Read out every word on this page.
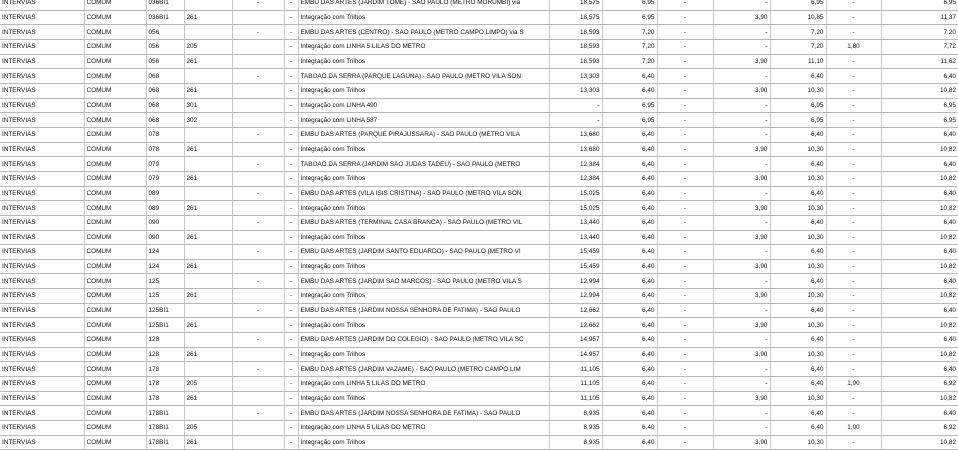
INTERVIAS	COMUM	036BI1		-	-	EMBU DAS ARTES (JARDIM TOME) - SAO PAULO (METRO MORUMBI) via	18,575	6,95	-	-	6,95	-	6,95
INTERVIAS	COMUM	036BI1	261		-	Integração com Trilhos	18,575	6,95	-	3,90	10,85	-	11,37
INTERVIAS	COMUM	056		-	-	EMBU DAS ARTES (CENTRO) - SAO PAULO (METRO CAMPO LIMPO) via S	18,593	7,20	-	-	7,20	-	7,20
INTERVIAS	COMUM	056	205		-	Integração com LINHA 5 LILAS DO METRO	18,593	7,20	-	-	7,20	1,80	7,72
INTERVIAS	COMUM	056	261		-	Integração com Trilhos	18,593	7,20	-	3,90	11,10	-	11,62
INTERVIAS	COMUM	068		-	-	TABOAO DA SERRA (PARQUE LAGUNA) - SAO PAULO (METRO VILA SON	13,303	6,40	-	-	6,40	-	6,40
INTERVIAS	COMUM	068	261		-	Integração com Trilhos	13,303	6,40	-	3,90	10,30	-	10,82
INTERVIAS	COMUM	068	301		-	Integração com LINHA 490	-	6,95	-	-	6,95	-	6,95
INTERVIAS	COMUM	068	302		-	Integração com LINHA 587	-	6,95	-	-	6,95	-	6,95
INTERVIAS	COMUM	078		-	-	EMBU DAS ARTES (PARQUE PIRAJUSSARA) - SAO PAULO (METRO VILA	13,680	6,40	-	-	6,40	-	6,40
INTERVIAS	COMUM	078	261		-	Integração com Trilhos	13,680	6,40	-	3,90	10,30	-	10,82
INTERVIAS	COMUM	079		-	-	TABOAO DA SERRA (JARDIM SAO JUDAS TADEU) - SAO PAULO (METRO	12,384	6,40	-	-	6,40	-	6,40
INTERVIAS	COMUM	079	261		-	Integração com Trilhos	12,384	6,40	-	3,90	10,30	-	10,82
INTERVIAS	COMUM	089		-	-	EMBU DAS ARTES (VILA ISIS CRISTINA) - SAO PAULO (METRO VILA SON	15,025	6,40	-	-	6,40	-	6,40
INTERVIAS	COMUM	089	261		-	Integração com Trilhos	15,025	6,40	-	3,90	10,30	-	10,82
INTERVIAS	COMUM	090		-	-	EMBU DAS ARTES (TERMINAL CASA BRANCA) - SAO PAULO (METRO VIL	13,440	6,40	-	-	6,40	-	6,40
INTERVIAS	COMUM	090	261		-	Integração com Trilhos	13,440	6,40	-	3,90	10,30	-	10,82
INTERVIAS	COMUM	124		-	-	EMBU DAS ARTES (JARDIM SANTO EDUARDO) - SAO PAULO (METRO VI	15,459	6,40	-	-	6,40	-	6,40
INTERVIAS	COMUM	124	261		-	Integração com Trilhos	15,459	6,40	-	3,90	10,30	-	10,82
INTERVIAS	COMUM	125		-	-	EMBU DAS ARTES (JARDIM SAO MARCOS) - SAO PAULO (METRO VILA S	12,994	6,40	-	-	6,40	-	6,40
INTERVIAS	COMUM	125	261		-	Integração com Trilhos	12,994	6,40	-	3,90	10,30	-	10,82
INTERVIAS	COMUM	125BI1		-	-	EMBU DAS ARTES (JARDIM NOSSA SENHORA DE FATIMA) - SAO PAULO	12,662	6,40	-	-	6,40	-	6,40
INTERVIAS	COMUM	125BI1	261		-	Integração com Trilhos	12,662	6,40	-	3,90	10,30	-	10,82
INTERVIAS	COMUM	128		-	-	EMBU DAS ARTES (JARDIM DO COLEGIO) - SAO PAULO (METRO VILA SC	14,957	6,40	-	-	6,40	-	6,40
INTERVIAS	COMUM	128	261		-	Integração com Trilhos	14,957	6,40	-	3,90	10,30	-	10,82
INTERVIAS	COMUM	178		-	-	EMBU DAS ARTES (JARDIM VAZAME) - SAO PAULO (METRO CAMPO LIM	11,105	6,40	-	-	6,40	-	6,40
INTERVIAS	COMUM	178	205		-	Integração com LINHA 5 LILAS DO METRO	11,105	6,40	-	-	6,40	1,00	6,92
INTERVIAS	COMUM	178	261		-	Integração com Trilhos	11,105	6,40	-	3,90	10,30	-	10,82
INTERVIAS	COMUM	178BI1		-	-	EMBU DAS ARTES (JARDIM NOSSA SENHORA DE FATIMA) - SAO PAULO	8,935	6,40	-	-	6,40	-	6,40
INTERVIAS	COMUM	178BI1	205		-	Integração com LINHA 5 LILAS DO METRO	8,935	6,40	-	-	6,40	1,00	6,92
INTERVIAS	COMUM	178BI1	261		-	Integração com Trilhos	8,935	6,40	-	3,90	10,30	-	10,82
